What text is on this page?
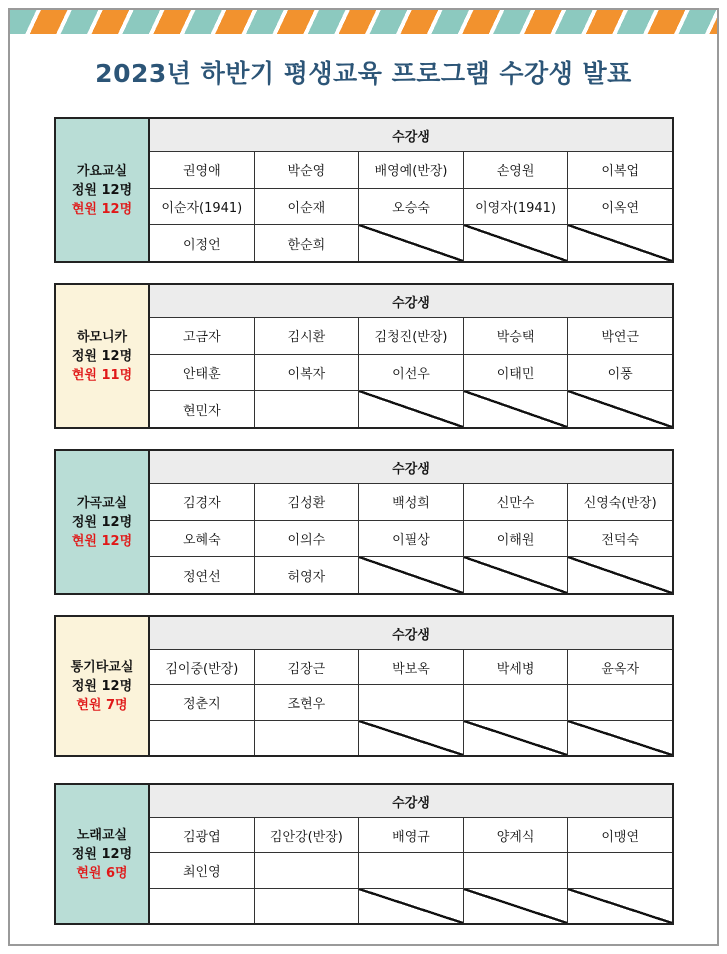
2023년 하반기 평생교육 프로그램 수강생 발표
가요교실
정원 12명
현원 12명
수강생
권영애	박순영	배영예(반장)	손영원	이복업
이순자(1941)	이순재	오승숙	이영자(1941)	이옥연
이정언	한순희
하모니카
정원 12명
현원 11명
수강생
고금자	김시환	김청진(반장)	박승택	박연근
안태훈	이복자	이선우	이태민	이풍
현민자
가곡교실
정원 12명
현원 12명
수강생
김경자	김성환	백성희	신만수	신영숙(반장)
오혜숙	이의수	이필상	이해원	전덕숙
정연선	허영자
통기타교실
정원 12명
현원 7명
수강생
김이중(반장)	김장근	박보옥	박세병	윤옥자
정춘지	조현우
노래교실
정원 12명
현원 6명
수강생
김광엽	김안강(반장)	배영규	양계식	이맹연
최인영
